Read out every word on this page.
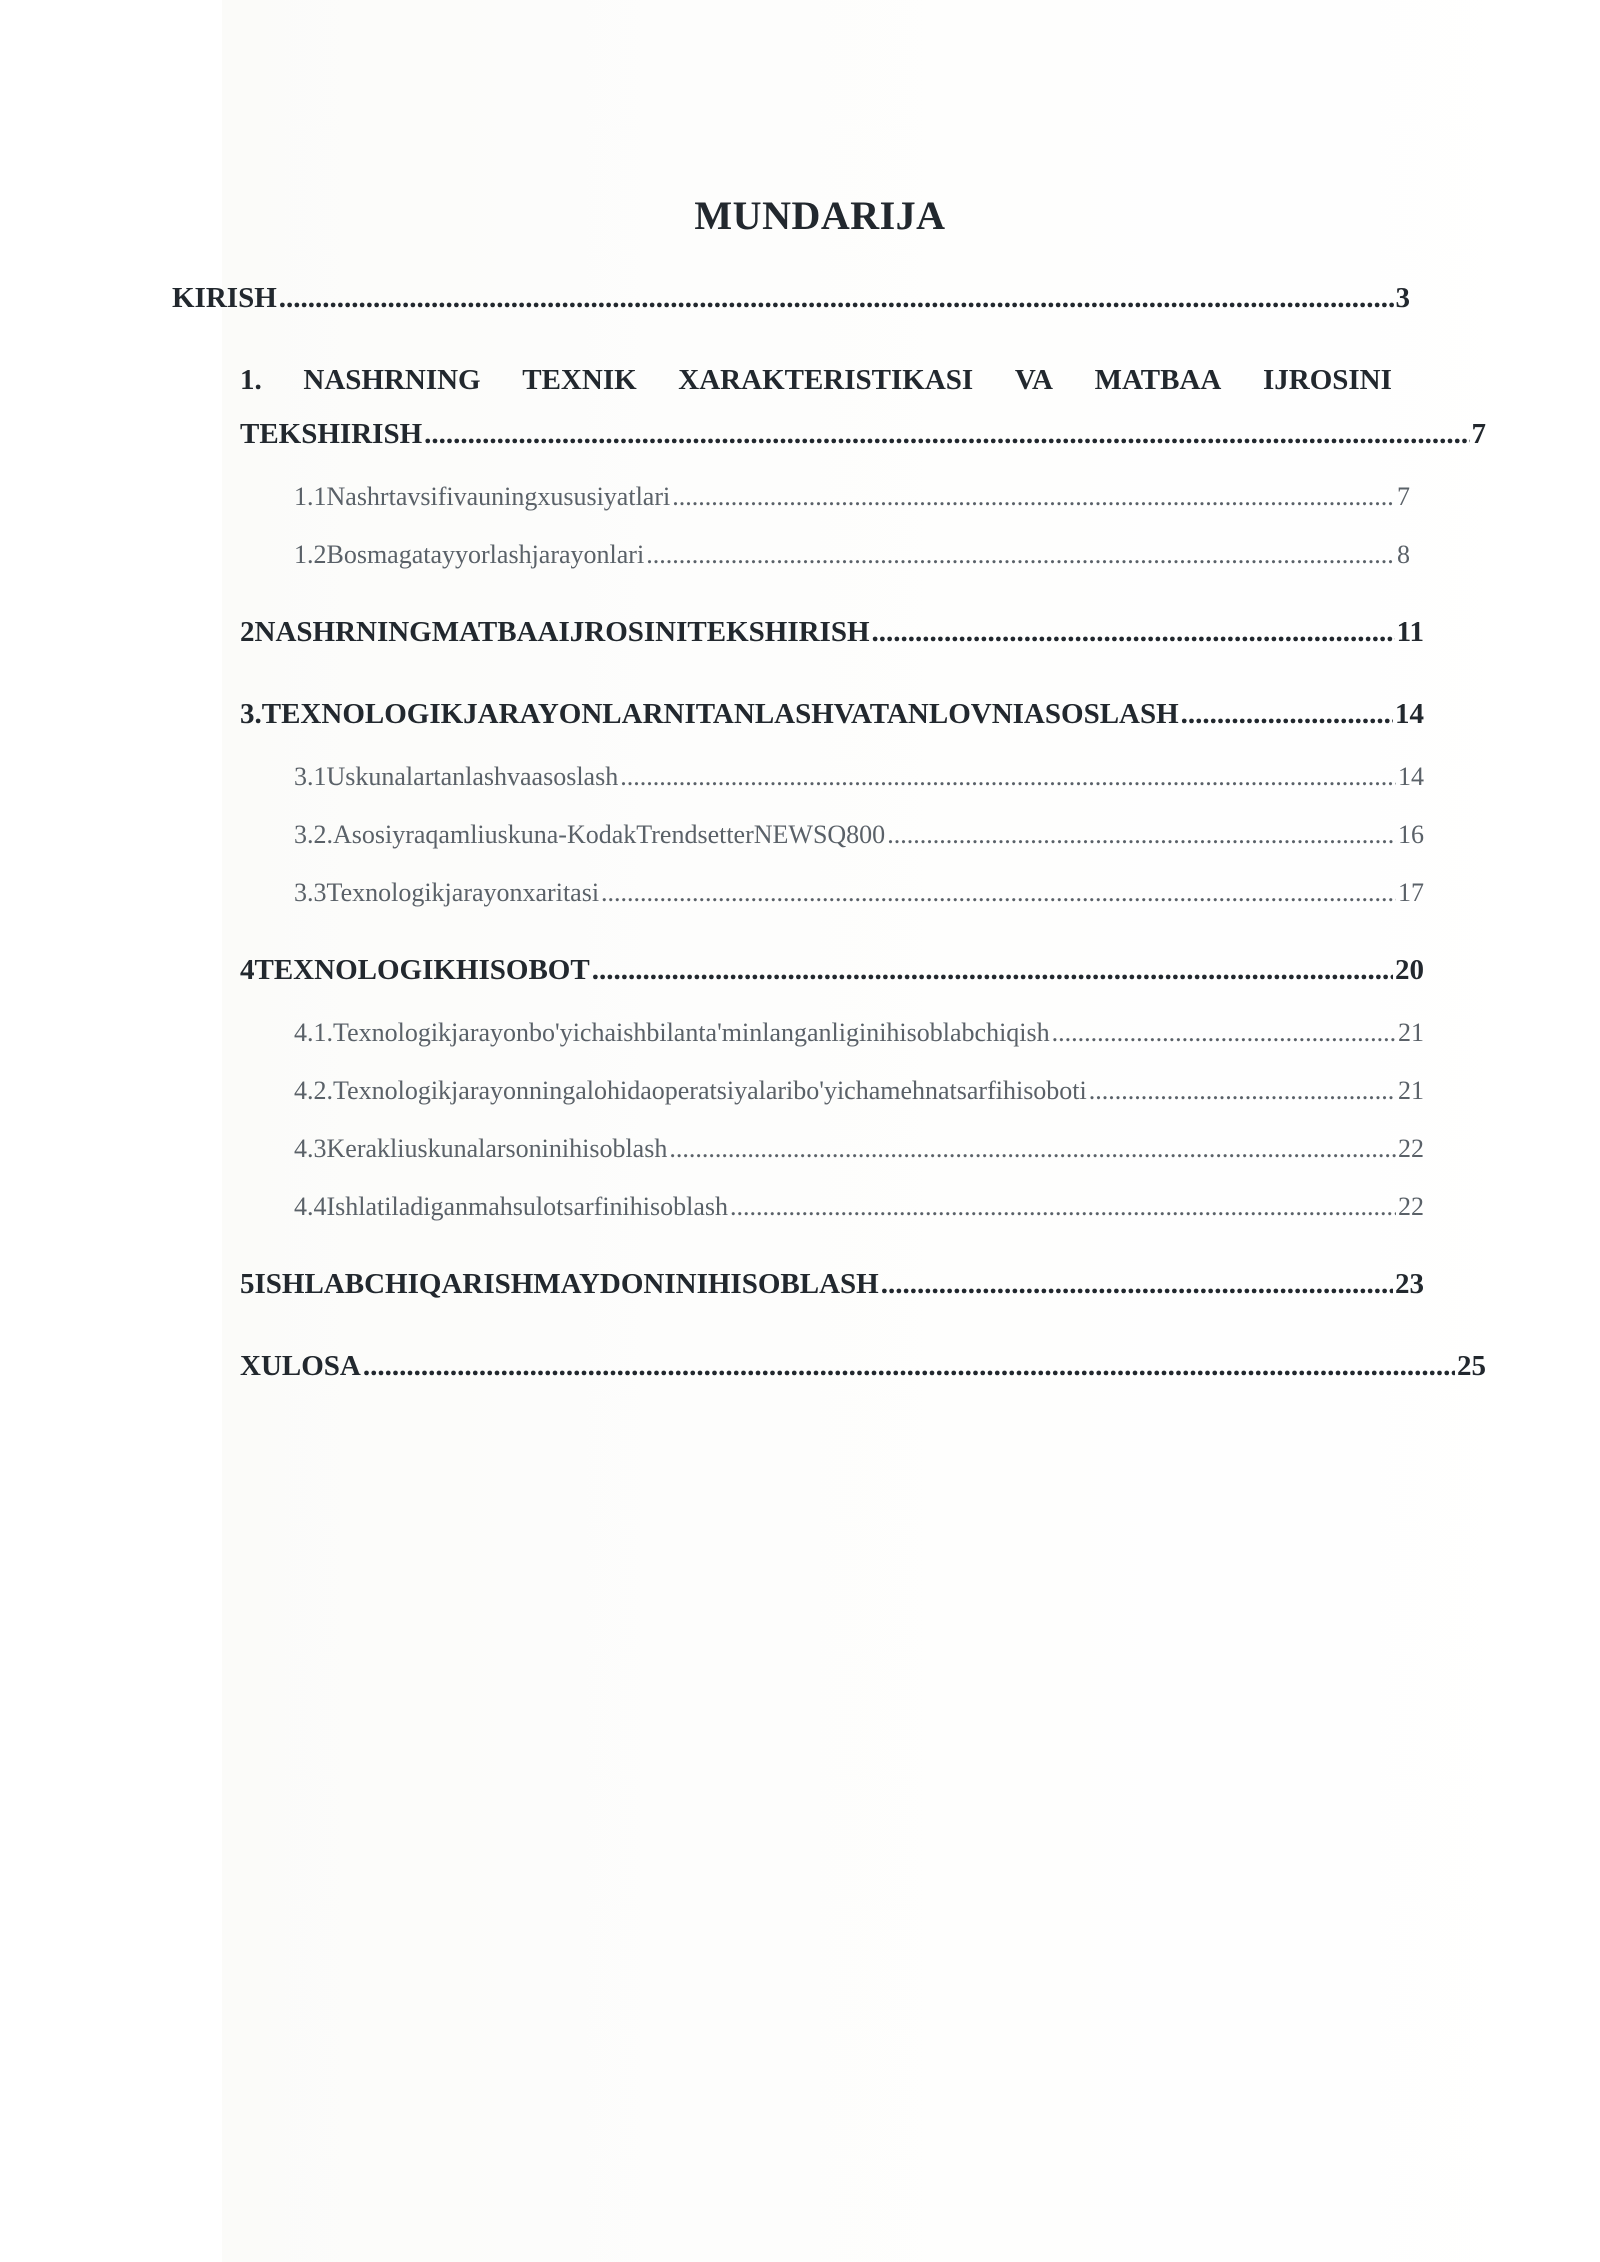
MUNDARIJA
KIRISH .....	3
1. NASHRNING TEXNIK XARAKTERISTIKASI VA MATBAA IJROSINI
TEKSHIRISH .....	7
1.1Nashrtavsifivauningxususiyatlari .....	7
1.2Bosmagatayyorlashjarayonlari .....	8
2NASHRNINGMATBAAIJROSINITEKSHIRISH .....	11
3.TEXNOLOGIKJARAYONLARNITANLASHVATANLOVNIASOSLASH .....	14
3.1Uskunalartanlashvaasoslash .....	14
3.2.Asosiyraqamliuskuna-KodakTrendsetterNEWSQ800 .....	16
3.3Texnologikjarayonxaritasi .....	17
4TEXNOLOGIKHISOBOT .....	20
4.1.Texnologikjarayonbo'yichaishbilanta'minlanganliginihisoblabchiqish .....	21
4.2.Texnologikjarayonningalohidaoperatsiyalaribo'yichamehnatsarfihisoboti .....	21
4.3Keraklіuskunalarsoninihisoblash .....	22
4.4Ishlatiladiganmahsulotsarfinihisoblash .....	22
5ISHLABCHIQARISHMAYDONINIHISOBLASH .....	23
XULOSA .....	25
